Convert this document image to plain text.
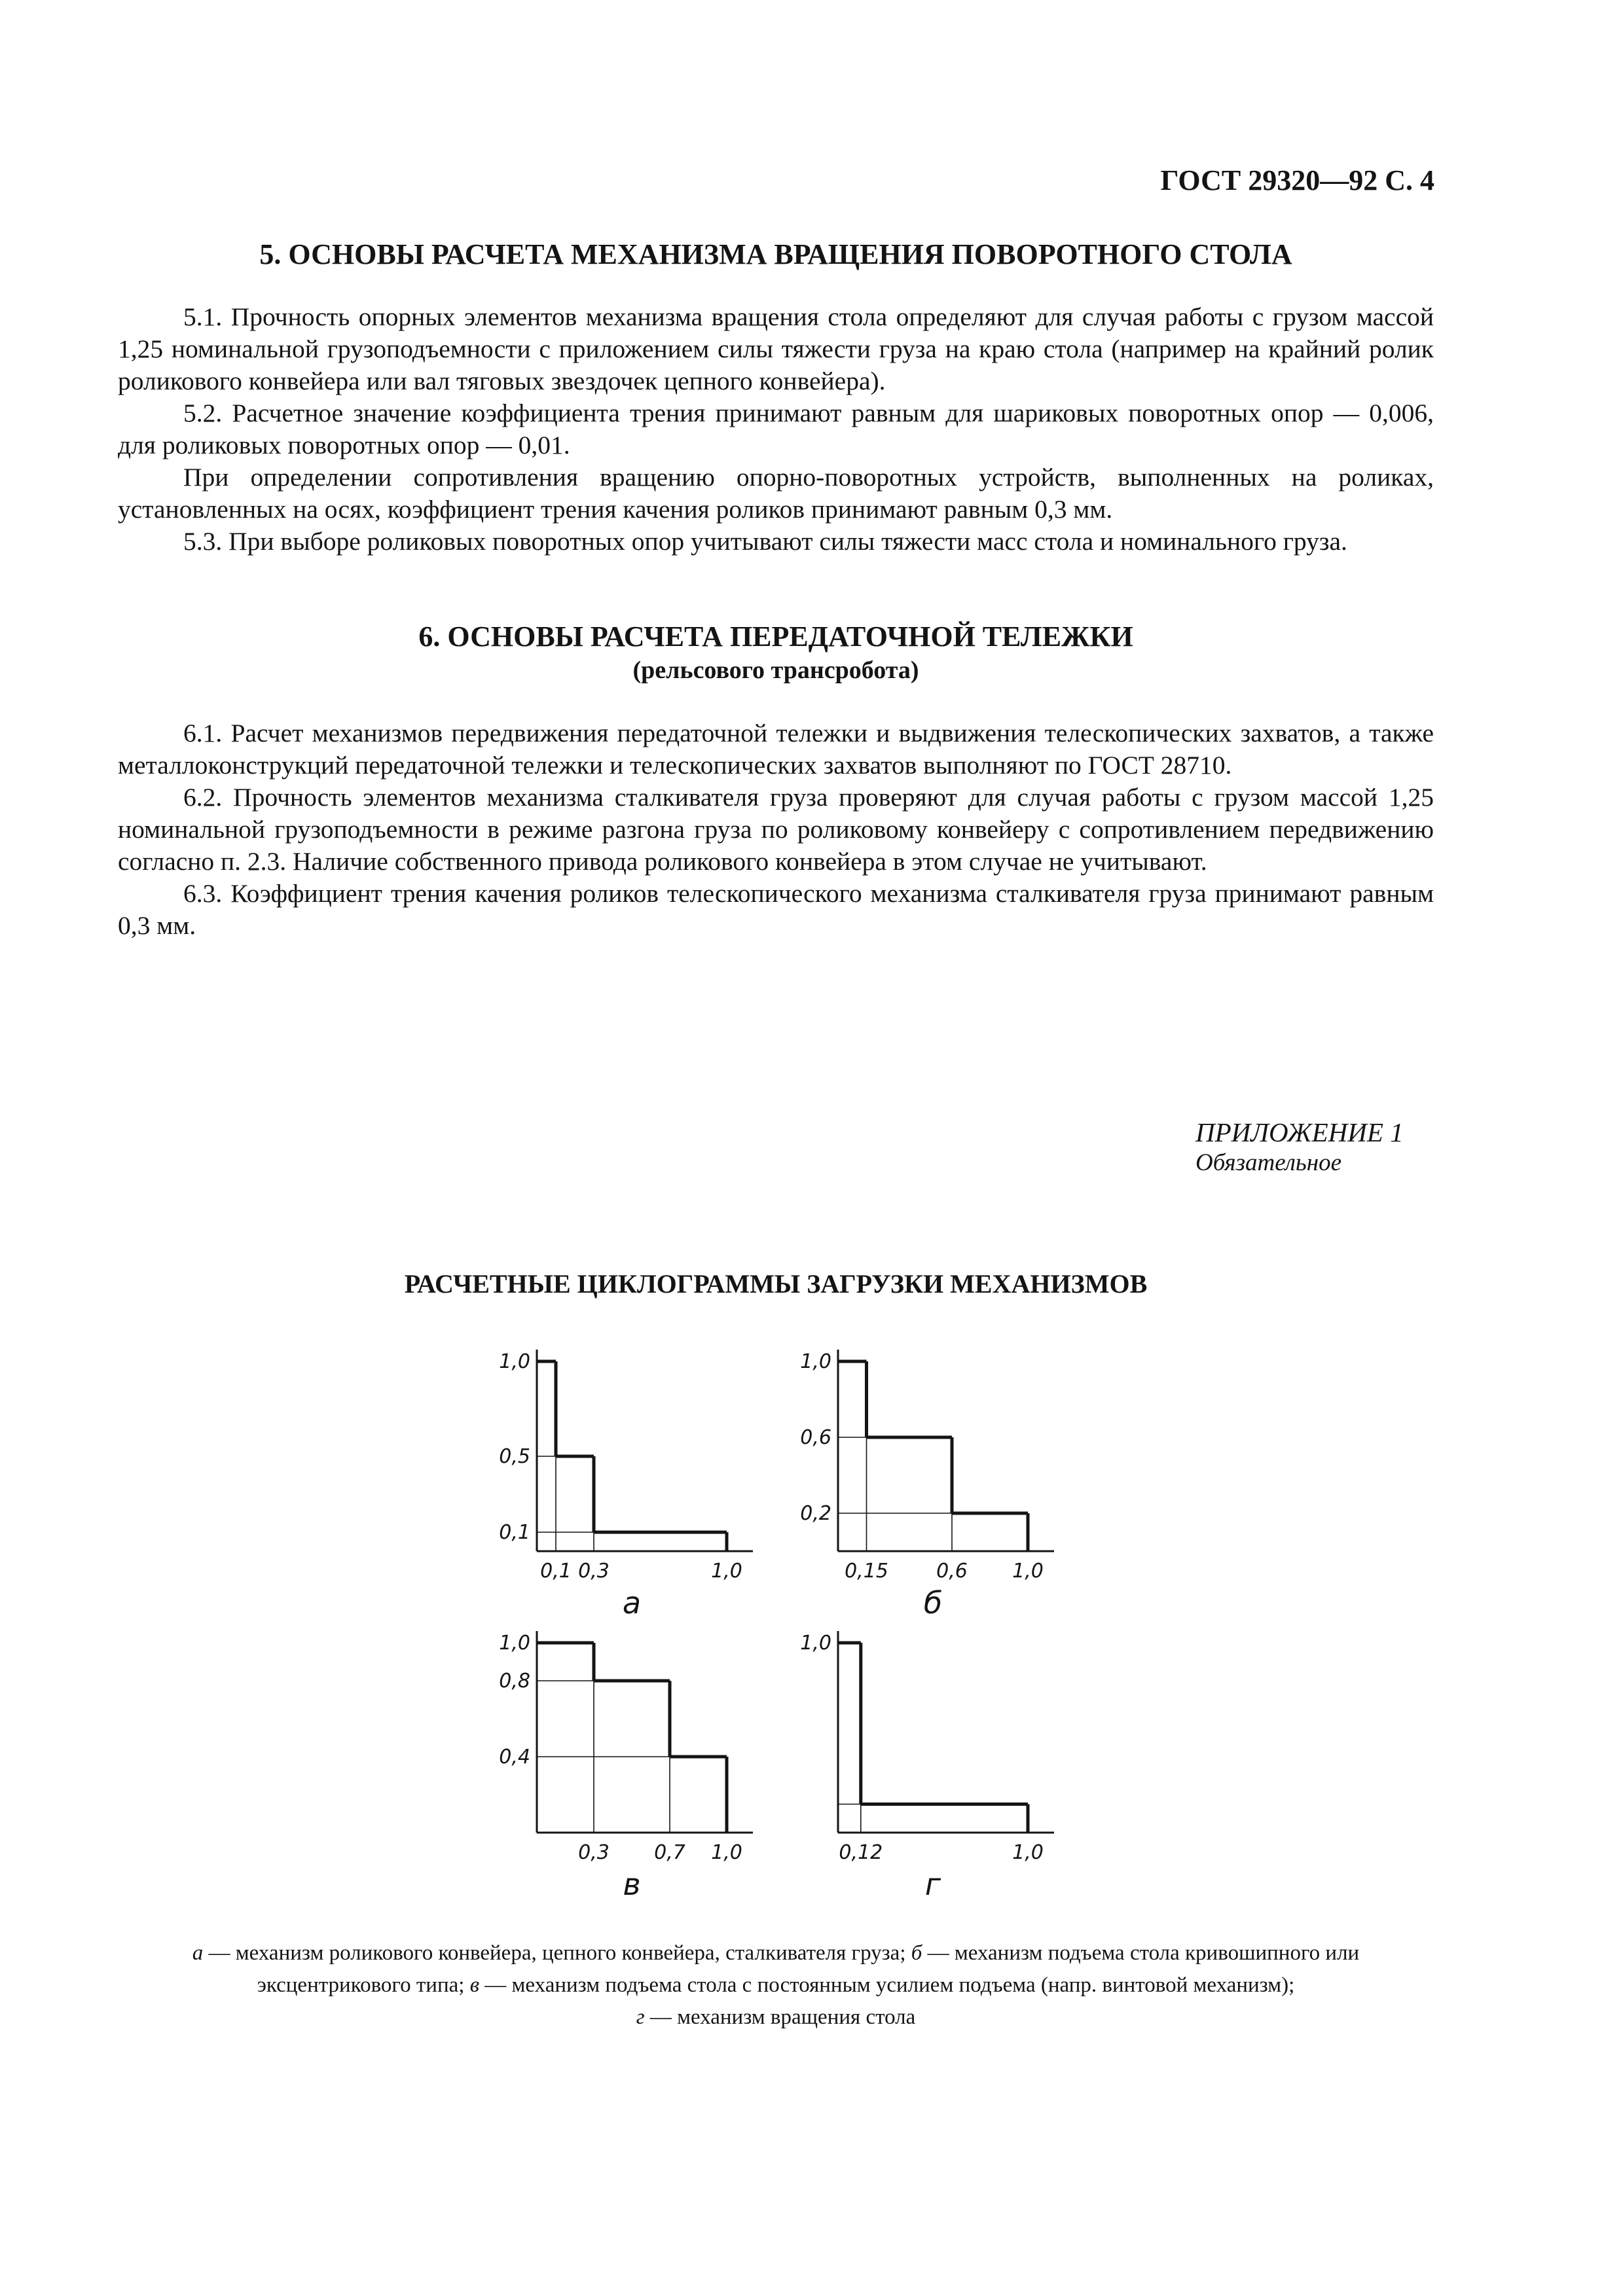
ГОСТ 29320—92 С. 4
5. ОСНОВЫ РАСЧЕТА МЕХАНИЗМА ВРАЩЕНИЯ ПОВОРОТНОГО СТОЛА

5.1. Прочность опорных элементов механизма вращения стола определяют для случая работы с грузом массой 1,25 номинальной грузоподъемности с приложением силы тяжести груза на краю стола (например на крайний ролик роликового конвейера или вал тяговых звездочек цепного конвейера).

5.2. Расчетное значение коэффициента трения принимают равным для шариковых поворотных опор — 0,006, для роликовых поворотных опор — 0,01.

При определении сопротивления вращению опорно-поворотных устройств, выполненных на роликах, установленных на осях, коэффициент трения качения роликов принимают равным 0,3 мм.

5.3. При выборе роликовых поворотных опор учитывают силы тяжести масс стола и номинального груза.

6. ОСНОВЫ РАСЧЕТА ПЕРЕДАТОЧНОЙ ТЕЛЕЖКИ
(рельсового трансробота)

6.1. Расчет механизмов передвижения передаточной тележки и выдвижения телескопических захватов, а также металлоконструкций передаточной тележки и телескопических захватов выполняют по ГОСТ 28710.

6.2. Прочность элементов механизма сталкивателя груза проверяют для случая работы с грузом массой 1,25 номинальной грузоподъемности в режиме разгона груза по роликовому конвейеру с сопротивлением передвижению согласно п. 2.3. Наличие собственного привода роликового конвейера в этом случае не учитывают.

6.3. Коэффициент трения качения роликов телескопического механизма сталкивателя груза принимают равным 0,3 мм.

ПРИЛОЖЕНИЕ 1
Обязательное
РАСЧЕТНЫЕ ЦИКЛОГРАММЫ ЗАГРУЗКИ МЕХАНИЗМОВ
1,0
0,5
0,1
0,1 0,3	1,0
а
1,0
0,6
0,2
0,15 0,6 1,0
б
1,0
0,8
0,4
0,3 0,7 1,0
в
1,0
0,12	1,0
г
а — механизм роликового конвейера, цепного конвейера, сталкивателя груза; б — механизм подъема стола кривошипного или эксцентрикового типа; в — механизм подъема стола с постоянным усилием подъема (напр. винтовой механизм);
г — механизм вращения стола
